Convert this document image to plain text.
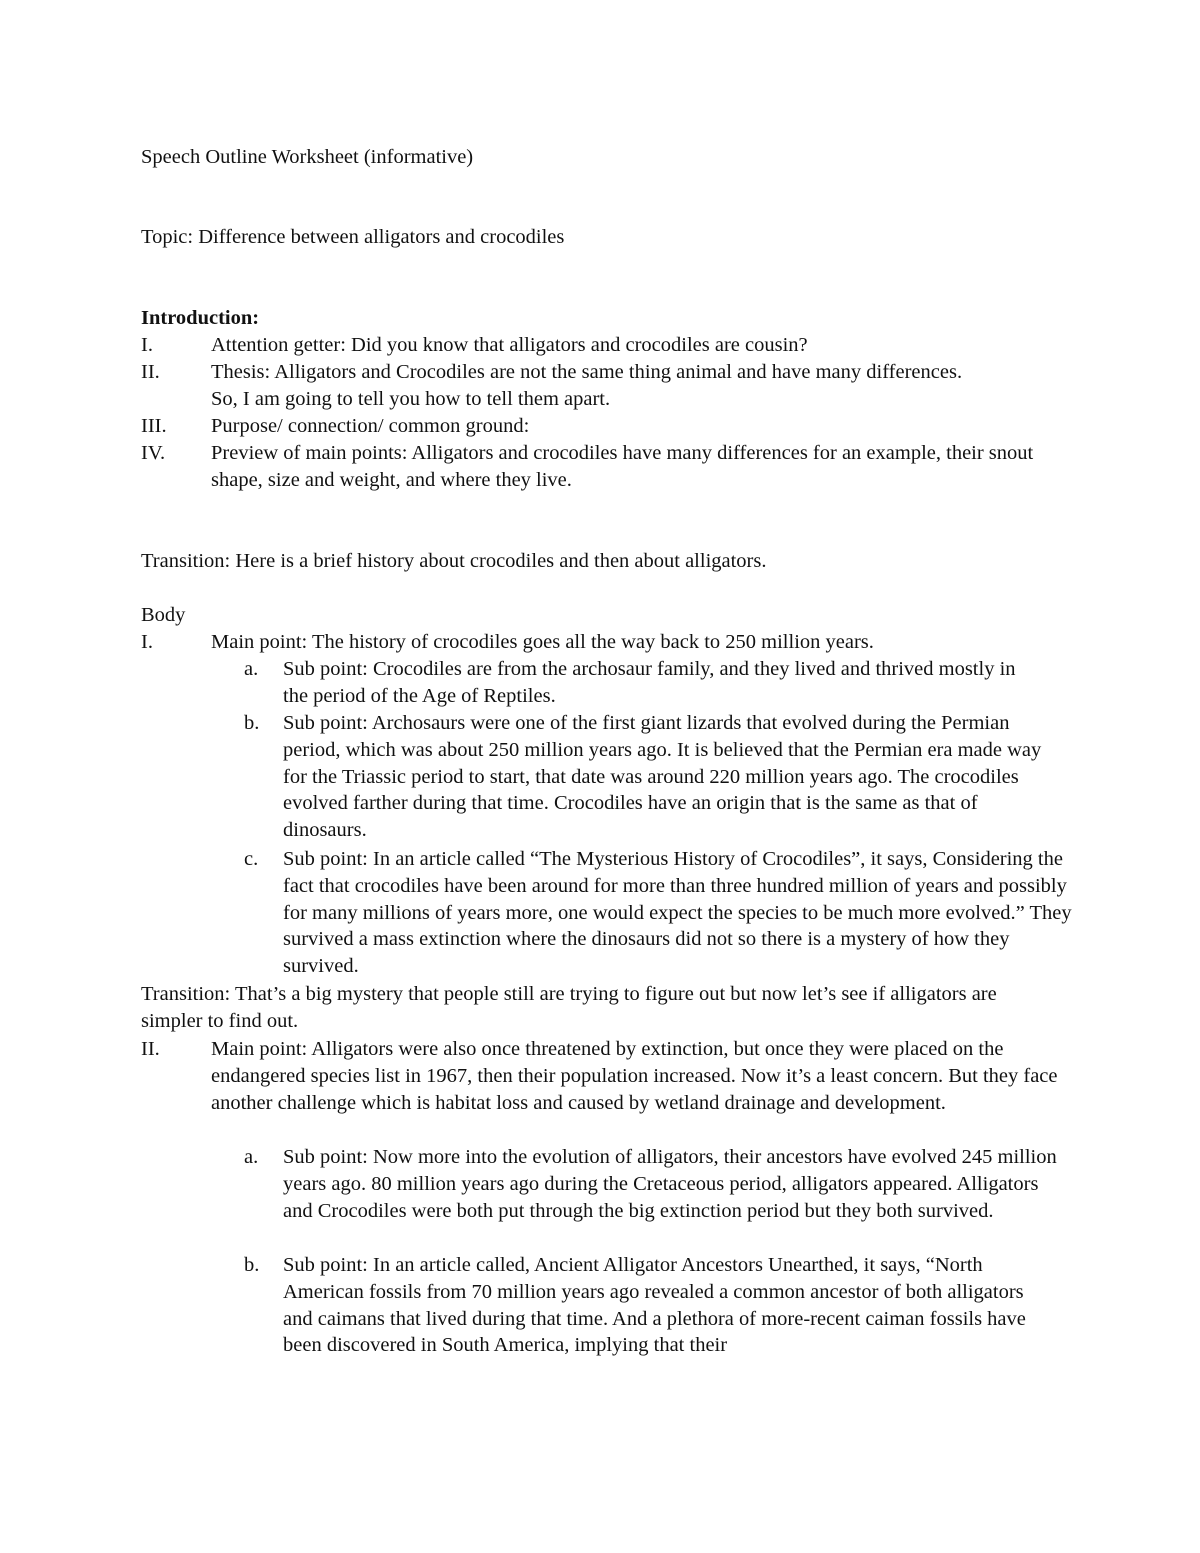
Speech Outline Worksheet (informative)
Topic: Difference between alligators and crocodiles
Introduction:
I.	Attention getter: Did you know that alligators and crocodiles are cousin?
II.	Thesis: Alligators and Crocodiles are not the same thing animal and have many differences. So, I am going to tell you how to tell them apart.
III.	Purpose/ connection/ common ground:
IV.	Preview of main points: Alligators and crocodiles have many differences for an example, their snout shape, size and weight, and where they live.
Transition: Here is a brief history about crocodiles and then about alligators.
Body
I.	Main point: The history of crocodiles goes all the way back to 250 million years.
a.	Sub point: Crocodiles are from the archosaur family, and they lived and thrived mostly in the period of the Age of Reptiles.
b.	Sub point: Archosaurs were one of the first giant lizards that evolved during the Permian period, which was about 250 million years ago. It is believed that the Permian era made way for the Triassic period to start, that date was around 220 million years ago. The crocodiles evolved farther during that time. Crocodiles have an origin that is the same as that of dinosaurs.
c.	Sub point: In an article called “The Mysterious History of Crocodiles”, it says, Considering the fact that crocodiles have been around for more than three hundred million of years and possibly for many millions of years more, one would expect the species to be much more evolved.” They survived a mass extinction where the dinosaurs did not so there is a mystery of how they survived.
Transition: That’s a big mystery that people still are trying to figure out but now let’s see if alligators are simpler to find out.
II.	Main point: Alligators were also once threatened by extinction, but once they were placed on the endangered species list in 1967, then their population increased. Now it’s a least concern. But they face another challenge which is habitat loss and caused by wetland drainage and development.
a.	Sub point: Now more into the evolution of alligators, their ancestors have evolved 245 million years ago. 80 million years ago during the Cretaceous period, alligators appeared. Alligators and Crocodiles were both put through the big extinction period but they both survived.
b.	Sub point: In an article called, Ancient Alligator Ancestors Unearthed, it says, “North American fossils from 70 million years ago revealed a common ancestor of both alligators and caimans that lived during that time. And a plethora of more-recent caiman fossils have been discovered in South America, implying that their
